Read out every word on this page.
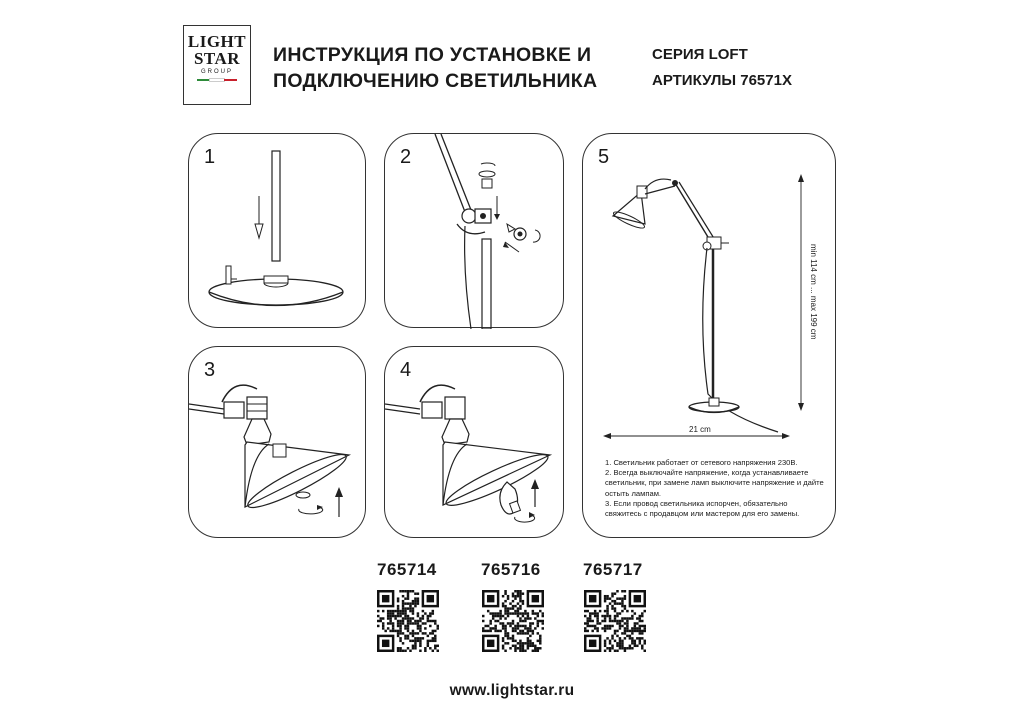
LIGHT
STAR
GROUP
ИНСТРУКЦИЯ ПО УСТАНОВКЕ И
ПОДКЛЮЧЕНИЮ СВЕТИЛЬНИКА
СЕРИЯ LOFT
АРТИКУЛЫ 76571Х
1	2
3	4
5
min 114 cm ... max 199 cm
21 cm
1. Светильник работает от сетевого напряжения 230В.
2. Всегда выключайте напряжение, когда устанавливаете светильник, при замене ламп выключите напряжение и дайте остыть лампам.
3. Если провод светильника испорчен, обязательно свяжитесь с продавцом или мастером для его замены.
765714	765716 765717
www.lightstar.ru
